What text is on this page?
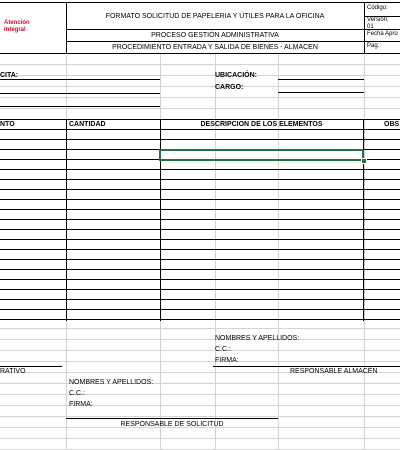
Atención
Integral
FORMATO SOLICITUD DE PAPELERIA Y ÚTILES PARA LA OFICINA
PROCESO GESTIÓN ADMINISTRATIVA
PROCEDIMIENTO ENTRADA Y SALIDA DE BIENES - ALMACEN
Código:
Versión:
01
Fecha Apro
Pag.:
CITA:	UBICACIÓN:
CARGO:
NTO	CANTIDAD	DESCRIPCION DE LOS ELEMENTOS	OBS
NOMBRES Y APELLIDOS:
C.C.:
FIRMA:
RATIVO	RESPONSABLE ALMACÉN
NOMBRES Y APELLIDOS:
C.C.:
FIRMA:
RESPONSABLE DE SOLICITUD
